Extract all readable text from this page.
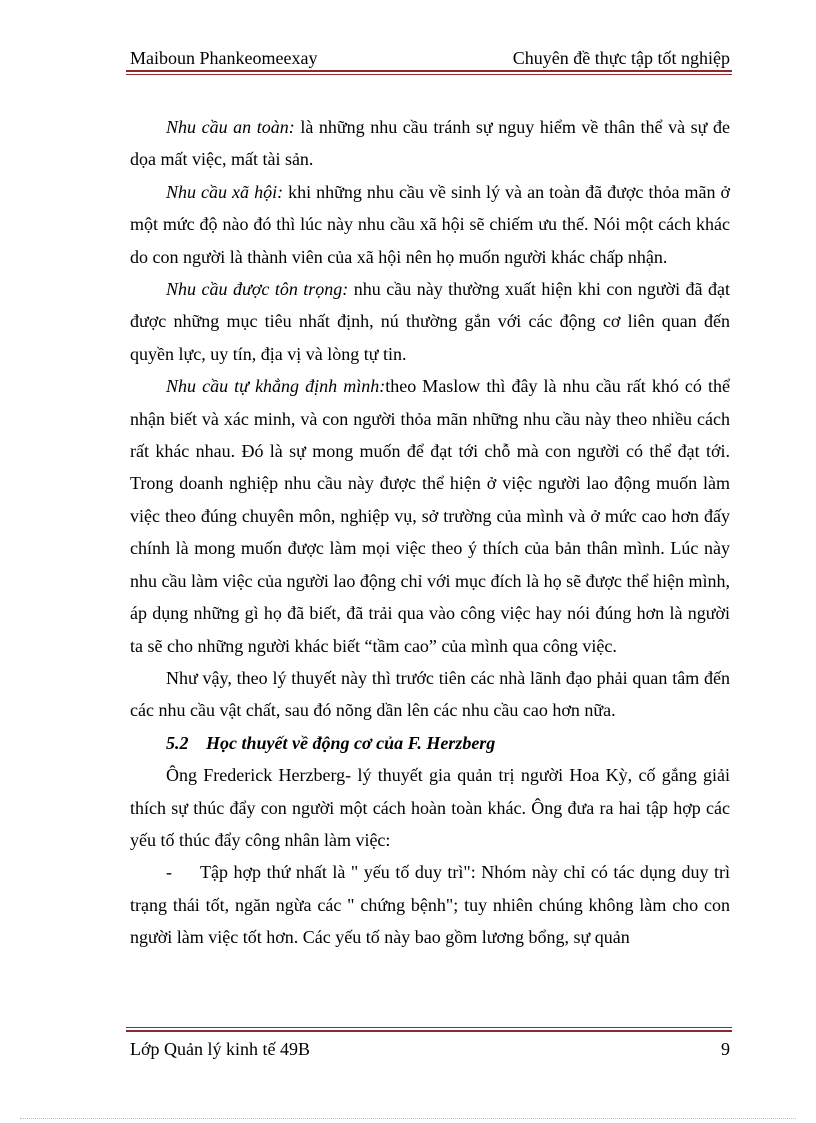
Maiboun Phankeomeexay	Chuyên đề thực tập tốt nghiệp

Nhu cầu an toàn: là những nhu cầu tránh sự nguy hiểm về thân thể và sự đe dọa mất việc, mất tài sản.

Nhu cầu xã hội: khi những nhu cầu về sinh lý và an toàn đã được thỏa mãn ở một mức độ nào đó thì lúc này nhu cầu xã hội sẽ chiếm ưu thế. Nói một cách khác do con người là thành viên của xã hội nên họ muốn người khác chấp nhận.

Nhu cầu được tôn trọng: nhu cầu này thường xuất hiện khi con người đã đạt được những mục tiêu nhất định, nú thường gắn với các động cơ liên quan đến quyền lực, uy tín, địa vị và lòng tự tin.

Nhu cầu tự khẳng định mình:theo Maslow thì đây là nhu cầu rất khó có thể nhận biết và xác minh, và con người thỏa mãn những nhu cầu này theo nhiều cách rất khác nhau. Đó là sự mong muốn để đạt tới chỗ mà con người có thể đạt tới. Trong doanh nghiệp nhu cầu này được thể hiện ở việc người lao động muốn làm việc theo đúng chuyên môn, nghiệp vụ, sở trường của mình và ở mức cao hơn đấy chính là mong muốn được làm mọi việc theo ý thích của bản thân mình. Lúc này nhu cầu làm việc của người lao động chỉ với mục đích là họ sẽ được thể hiện mình, áp dụng những gì họ đã biết, đã trải qua vào công việc hay nói đúng hơn là người ta sẽ cho những người khác biết “tầm cao” của mình qua công việc.

Như vậy, theo lý thuyết này thì trước tiên các nhà lãnh đạo phải quan tâm đến các nhu cầu vật chất, sau đó nõng dần lên các nhu cầu cao hơn nữa.

5.2 Học thuyết về động cơ của F. Herzberg

Ông Frederick Herzberg- lý thuyết gia quản trị người Hoa Kỳ, cố gắng giải thích sự thúc đẩy con người một cách hoàn toàn khác. Ông đưa ra hai tập hợp các yếu tố thúc đẩy công nhân làm việc:

- Tập hợp thứ nhất là " yếu tố duy trì": Nhóm này chỉ có tác dụng duy trì trạng thái tốt, ngăn ngừa các " chứng bệnh"; tuy nhiên chúng không làm cho con người làm việc tốt hơn. Các yếu tố này bao gồm lương bổng, sự quản

Lớp Quản lý kinh tế 49B	9
